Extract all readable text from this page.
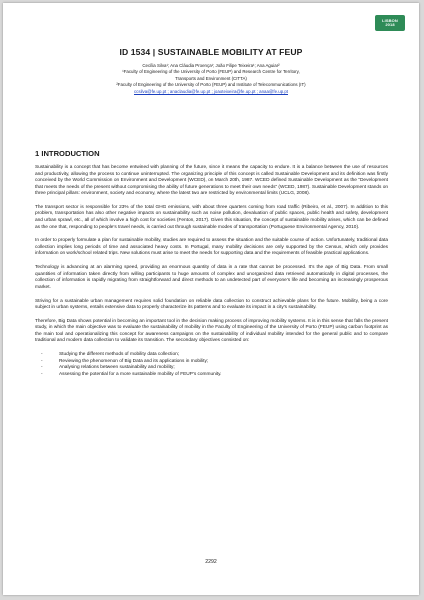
LISBON
2018
ID 1534 | SUSTAINABLE MOBILITY AT FEUP
Cecília Silva¹; Ana Cláudia Proença¹; João Filipe Teixeira¹; Ana Aguiar²
¹Faculty of Engineering of the University of Porto (FEUP) and Research Centre for Territory,
Transports and Environment (CITTA)
²Faculty of Engineering of the University of Porto (FEUP) and Institute of Telecommunications (IT)
ccsilva@fe.up.pt ; anaclaudia@fe.up.pt ; joaoteixeira@fe.up.pt ; anaa@fe.up.pt
1 INTRODUCTION

Sustainability is a concept that has become entwined with planning of the future, since it means the capacity to endure. It is a balance between the use of resources and productivity, allowing the process to continue uninterrupted. The organizing principle of this concept is called Sustainable Development and its definition was firstly conceived by the World Commission on Environment and Development (WCED), on March 20th, 1987. WCED defined Sustainable Development as the “Development that meets the needs of the present without compromising the ability of future generations to meet their own needs” (WCED, 1987). Sustainable Development stands on three principal pillars: environment, society and economy, where the latest two are restricted by environmental limits (UCLG, 2008).

The transport sector is responsible for 23% of the total GHG emissions, with about three quarters coming from road traffic (Ribeiro, et al., 2007). In addition to this problem, transportation has also other negative impacts on sustainability such as noise pollution, devaluation of public spaces, public health and safety, development and urban sprawl, etc., all of which involve a high cost for societies (Fenton, 2017). Given this situation, the concept of sustainable mobility arises, which can be defined as the one that, responding to people’s travel needs, is carried out through sustainable modes of transportation (Portuguese Environmental Agency, 2010).

In order to properly formulate a plan for sustainable mobility, studies are required to assess the situation and the suitable course of action. Unfortunately, traditional data collection implies long periods of time and associated heavy costs. In Portugal, many mobility decisions are only supported by the Census, which only provides information on work/school related trips. New solutions must arise to meet the needs for supporting data and the requirements of feasible practical applications.

Technology is advancing at an alarming speed, providing an enormous quantity of data in a rate that cannot be processed. It’s the age of Big Data. From small quantities of information taken directly from willing participants to huge amounts of complex and unorganized data retrieved automatically in digital processes, the collection of information is rapidly migrating from straightforward and direct methods to an undetected part of everyone’s life and becoming an increasingly prosperous market.

Striving for a sustainable urban management requires solid foundation on reliable data collection to construct achievable plans for the future. Mobility, being a core subject in urban systems, entails extensive data to properly characterize its patterns and to evaluate its impact in a city’s sustainability.

Therefore, Big Data shows potential in becoming an important tool in the decision making process of improving mobility systems. It is in this sense that falls the present study, in which the main objective was to evaluate the sustainability of mobility in the Faculty of Engineering of the University of Porto (FEUP) using carbon footprint as the main tool and operationalizing this concept for awareness campaigns on the sustainability of individual mobility intended for the general public and to compare traditional and modern data collection to validate its transition. The secondary objectives consisted on:

-	Studying the different methods of mobility data collection;
-	Reviewing the phenomenon of Big Data and its applications in mobility;
-	Analysing relations between sustainability and mobility;
-	Assessing the potential for a more sustainable mobility of FEUP’s community.
2292
